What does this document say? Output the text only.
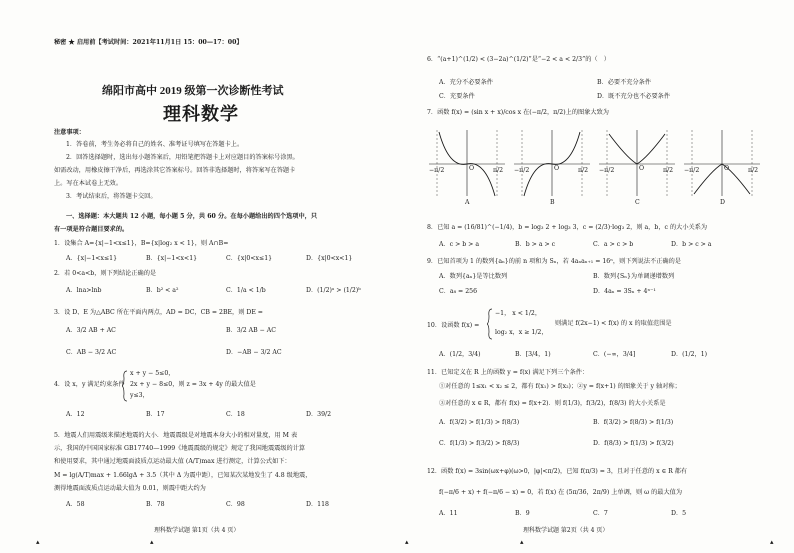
秘密 ★ 启用前【考试时间：2021年11月1日 15：00—17：00】
绵阳市高中 2019 级第一次诊断性考试
理科数学
注意事项：
1．答卷前，考生务必将自己的姓名、准考证号填写在答题卡上。
2．回答选择题时，选出每小题答案后，用铅笔把答题卡上对应题目的答案标号涂黑。
如需改动，用橡皮擦干净后，再选涂其它答案标号。回答非选择题时，将答案写在答题卡
上。写在本试卷上无效。
3．考试结束后，将答题卡交回。
一、选择题：本大题共 12 小题，每小题 5 分，共 60 分。在每小题给出的四个选项中，只
有一项是符合题目要求的。
1．设集合 A={x|−1<x≤1}，B={x|log₂ x < 1}，则 A∩B=
A．{x|−1<x≤1}	B．{x|−1<x<1}	C．{x|0<x≤1}	D．{x|0<x<1}
2．若 0<a<b，则下列结论正确的是
A．lna>lnb	B．b² < a²	C．1/a < 1/b	D．(1/2)ᵃ > (1/2)ᵇ
3．设 D、E 为△ABC 所在平面内两点，AD = DC，CB = 2BE，则 DE =
A．3/2 AB + AC	B．3/2 AB − AC
C．AB − 3/2 AC	D．−AB − 3/2 AC
4．设 x，y 满足约束条件
x + y − 5≤0，
2x + y − 8≤0，则 z = 3x + 4y 的最大值是
y≤3，
A．12	B．17	C．18	D．39/2
5．地震人们用震级来描述地震的大小．地震震级是对地震本身大小的相对量度，用 M 表
示，我国的中国国家标准 GB17740—1999《地震震级的规定》规定了我国地震震级的计算
和使用要求，其中通过地震面波质点运动最大值 (A/T)max 进行测定，计算公式如下：
M = lg(A/T)max + 1.66lgΔ + 3.5（其中 Δ 为震中距），已知某次某地发生了 4.8 级地震，
测得地震面波质点运动最大值为 0.01，则震中距大约为
A．58	B．78	C．98	D．118
理科数学试题 第1页（共 4 页）
6．“(a+1)^(1/2) < (3−2a)^(1/2)”是“−2 < a < 2/3”的（　）
A．充分不必要条件	B．必要不充分条件
C．充要条件	D．既不充分也不必要条件
7．函数 f(x) = (sin x + x)/cos x 在(−π/2，π/2)上的图象大致为
−π/2	O	π/2
A
−π/2	O	π/2
B
−π/2	O	π/2
C
−π/2	O	π/2
D
8．已知 a = (16/81)^(−1/4)，b = log₃ 2 + log₃ 3，c = (2/3)·log₃ 2，则 a，b，c 的大小关系为
A．c > b > a	B．b > a > c	C．a > c > b	D．b > c > a
9．已知首项为 1 的数列{aₙ}的前 n 项和为 Sₙ，若 4aₙaₙ₊₁ = 16ⁿ，则下列说法不正确的是
A．数列{aₙ}是等比数列	B．数列{Sₙ}为单调递增数列
C．a₈ = 256	D．4aₙ = 3Sₙ + 4ⁿ⁻¹
10．设函数 f(x) =
−1， x < 1/2，
log₂ x，x ≥ 1/2，
则满足 f(2x−1) < f(x) 的 x 的取值范围是
A．(1/2，3/4)	B．[3/4，1)	C．(−∞，3/4]	D．(1/2，1)
11．已知定义在 R 上的函数 y = f(x) 满足下列三个条件：
①对任意的 1≤x₁ < x₂ ≤ 2，都有 f(x₁) > f(x₂)；②y = f(x+1) 的图象关于 y 轴对称；
③对任意的 x ∈ R，都有 f(x) = f(x+2)．则 f(1/3)，f(3/2)，f(8/3) 的大小关系是
A．f(3/2) > f(1/3) > f(8/3)	B．f(3/2) > f(8/3) > f(1/3)
C．f(1/3) > f(3/2) > f(8/3)	D．f(8/3) > f(1/3) > f(3/2)
12．函数 f(x) = 3sin(ωx+φ)(ω>0，|φ|<π/2)，已知 f(π/3) = 3，且对于任意的 x ∈ R 都有
f(−π/6 + x) + f(−π/6 − x) = 0，若 f(x) 在 (5π/36，2π/9) 上单调，则 ω 的最大值为
A．11	B．9	C．7	D．5
理科数学试题 第2页（共 4 页）
▴	▴	▴	▴	▴
